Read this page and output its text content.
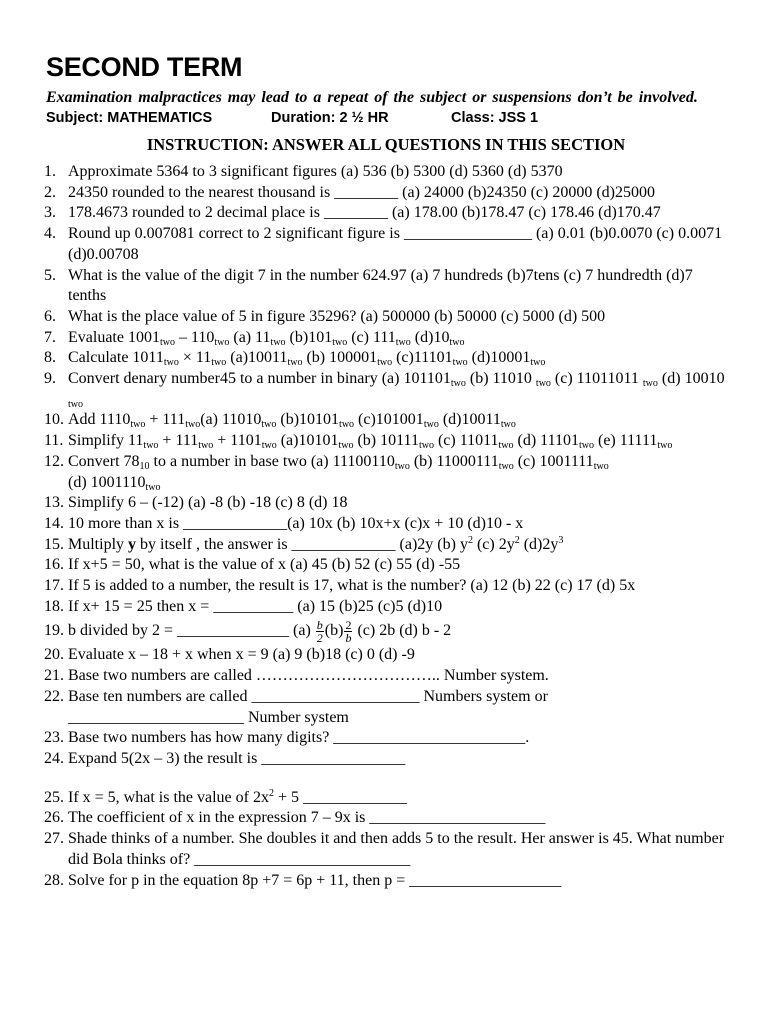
SECOND TERM
Examination malpractices may lead to a repeat of the subject or suspensions don’t be involved.
Subject: MATHEMATICS	Duration: 2 ½ HR	Class: JSS 1
INSTRUCTION: ANSWER ALL QUESTIONS IN THIS SECTION
1. Approximate 5364 to 3 significant figures (a) 536 (b) 5300 (d) 5360 (d) 5370
2. 24350 rounded to the nearest thousand is ________ (a) 24000 (b)24350 (c) 20000 (d)25000
3. 178.4673 rounded to 2 decimal place is ________ (a) 178.00 (b)178.47 (c) 178.46 (d)170.47
4. Round up 0.007081 correct to 2 significant figure is ________________ (a) 0.01 (b)0.0070 (c) 0.0071 (d)0.00708
5. What is the value of the digit 7 in the number 624.97 (a) 7 hundreds (b)7tens (c) 7 hundredth (d)7 tenths
6. What is the place value of 5 in figure 35296? (a) 500000 (b) 50000 (c) 5000 (d) 500
7. Evaluate $1001_{two} - 110_{two}$ (a) $11_{two}$ $(b)101_{two}$ (c) $111_{two}$ $(d)10_{two}$
8. Calculate $1011_{two} \times 11_{two}$ $(a)10011_{two}$ (b) $100001_{two}$ $(c)11101_{two}$ $(d)10001_{two}$
9. Convert denary number45 to a number in binary (a) $101101_{two}$ (b) 11010 $_{two}$ (c) 11011011 $_{two}$ (d) 10010 $_{two}$
10. Add $1110_{two} + 111_{two}(a)$ $11010_{two}$ $(b)10101_{two}$ $(c)101001_{two}$ $(d)10011_{two}$
11. Simplify $11_{two} + 111_{two} + 1101_{two}$ $(a)10101_{two}$ (b) $10111_{two}$ (c) $11011_{two}$ (d) $11101_{two}$ (e) $11111_{two}$
12. Convert $78_{10}$ to a number in base two (a) $11100110_{two}$ (b) $11000111_{two}$ (c) $1001111_{two}$
(d) $1001110_{two}$
13. Simplify 6 – (-12) (a) -8 (b) -18 (c) 8 (d) 18
14. 10 more than x is _____________(a) 10x (b) 10x+x (c)x + 10 (d)10 - x
15. Multiply y by itself , the answer is _____________ (a)2y (b) $y^2$ (c) $2y^2$ $(d)2y^3$
16. If x+5 = 50, what is the value of x (a) 45 (b) 52 (c) 55 (d) -55
17. If 5 is added to a number, the result is 17, what is the number? (a) 12 (b) 22 (c) 17 (d) 5x
18. If x+ 15 = 25 then x = __________ (a) 15 (b)25 (c)5 (d)10
19. b divided by 2 = ______________ $(a) \frac{b}{2} (b) \frac{2}{b} (c)$ 2b (d) b - 2
20. Evaluate x – 18 + x when x = 9 (a) 9 (b)18 (c) 0 (d) -9
21. Base two numbers are called …………………………….. Number system.
22. Base ten numbers are called _____________________ Numbers system or ______________________ Number system
23. Base two numbers has how many digits? ________________________.
24. Expand 5(2x – 3) the result is __________________
25. If x = 5, what is the value of $2x^2 + 5$ _____________
26. The coefficient of x in the expression 7 – 9x is ______________________
27. Shade thinks of a number. She doubles it and then adds 5 to the result. Her answer is 45. What number did Bola thinks of? ___________________________
28. Solve for p in the equation 8p +7 = 6p + 11, then p = ___________________
